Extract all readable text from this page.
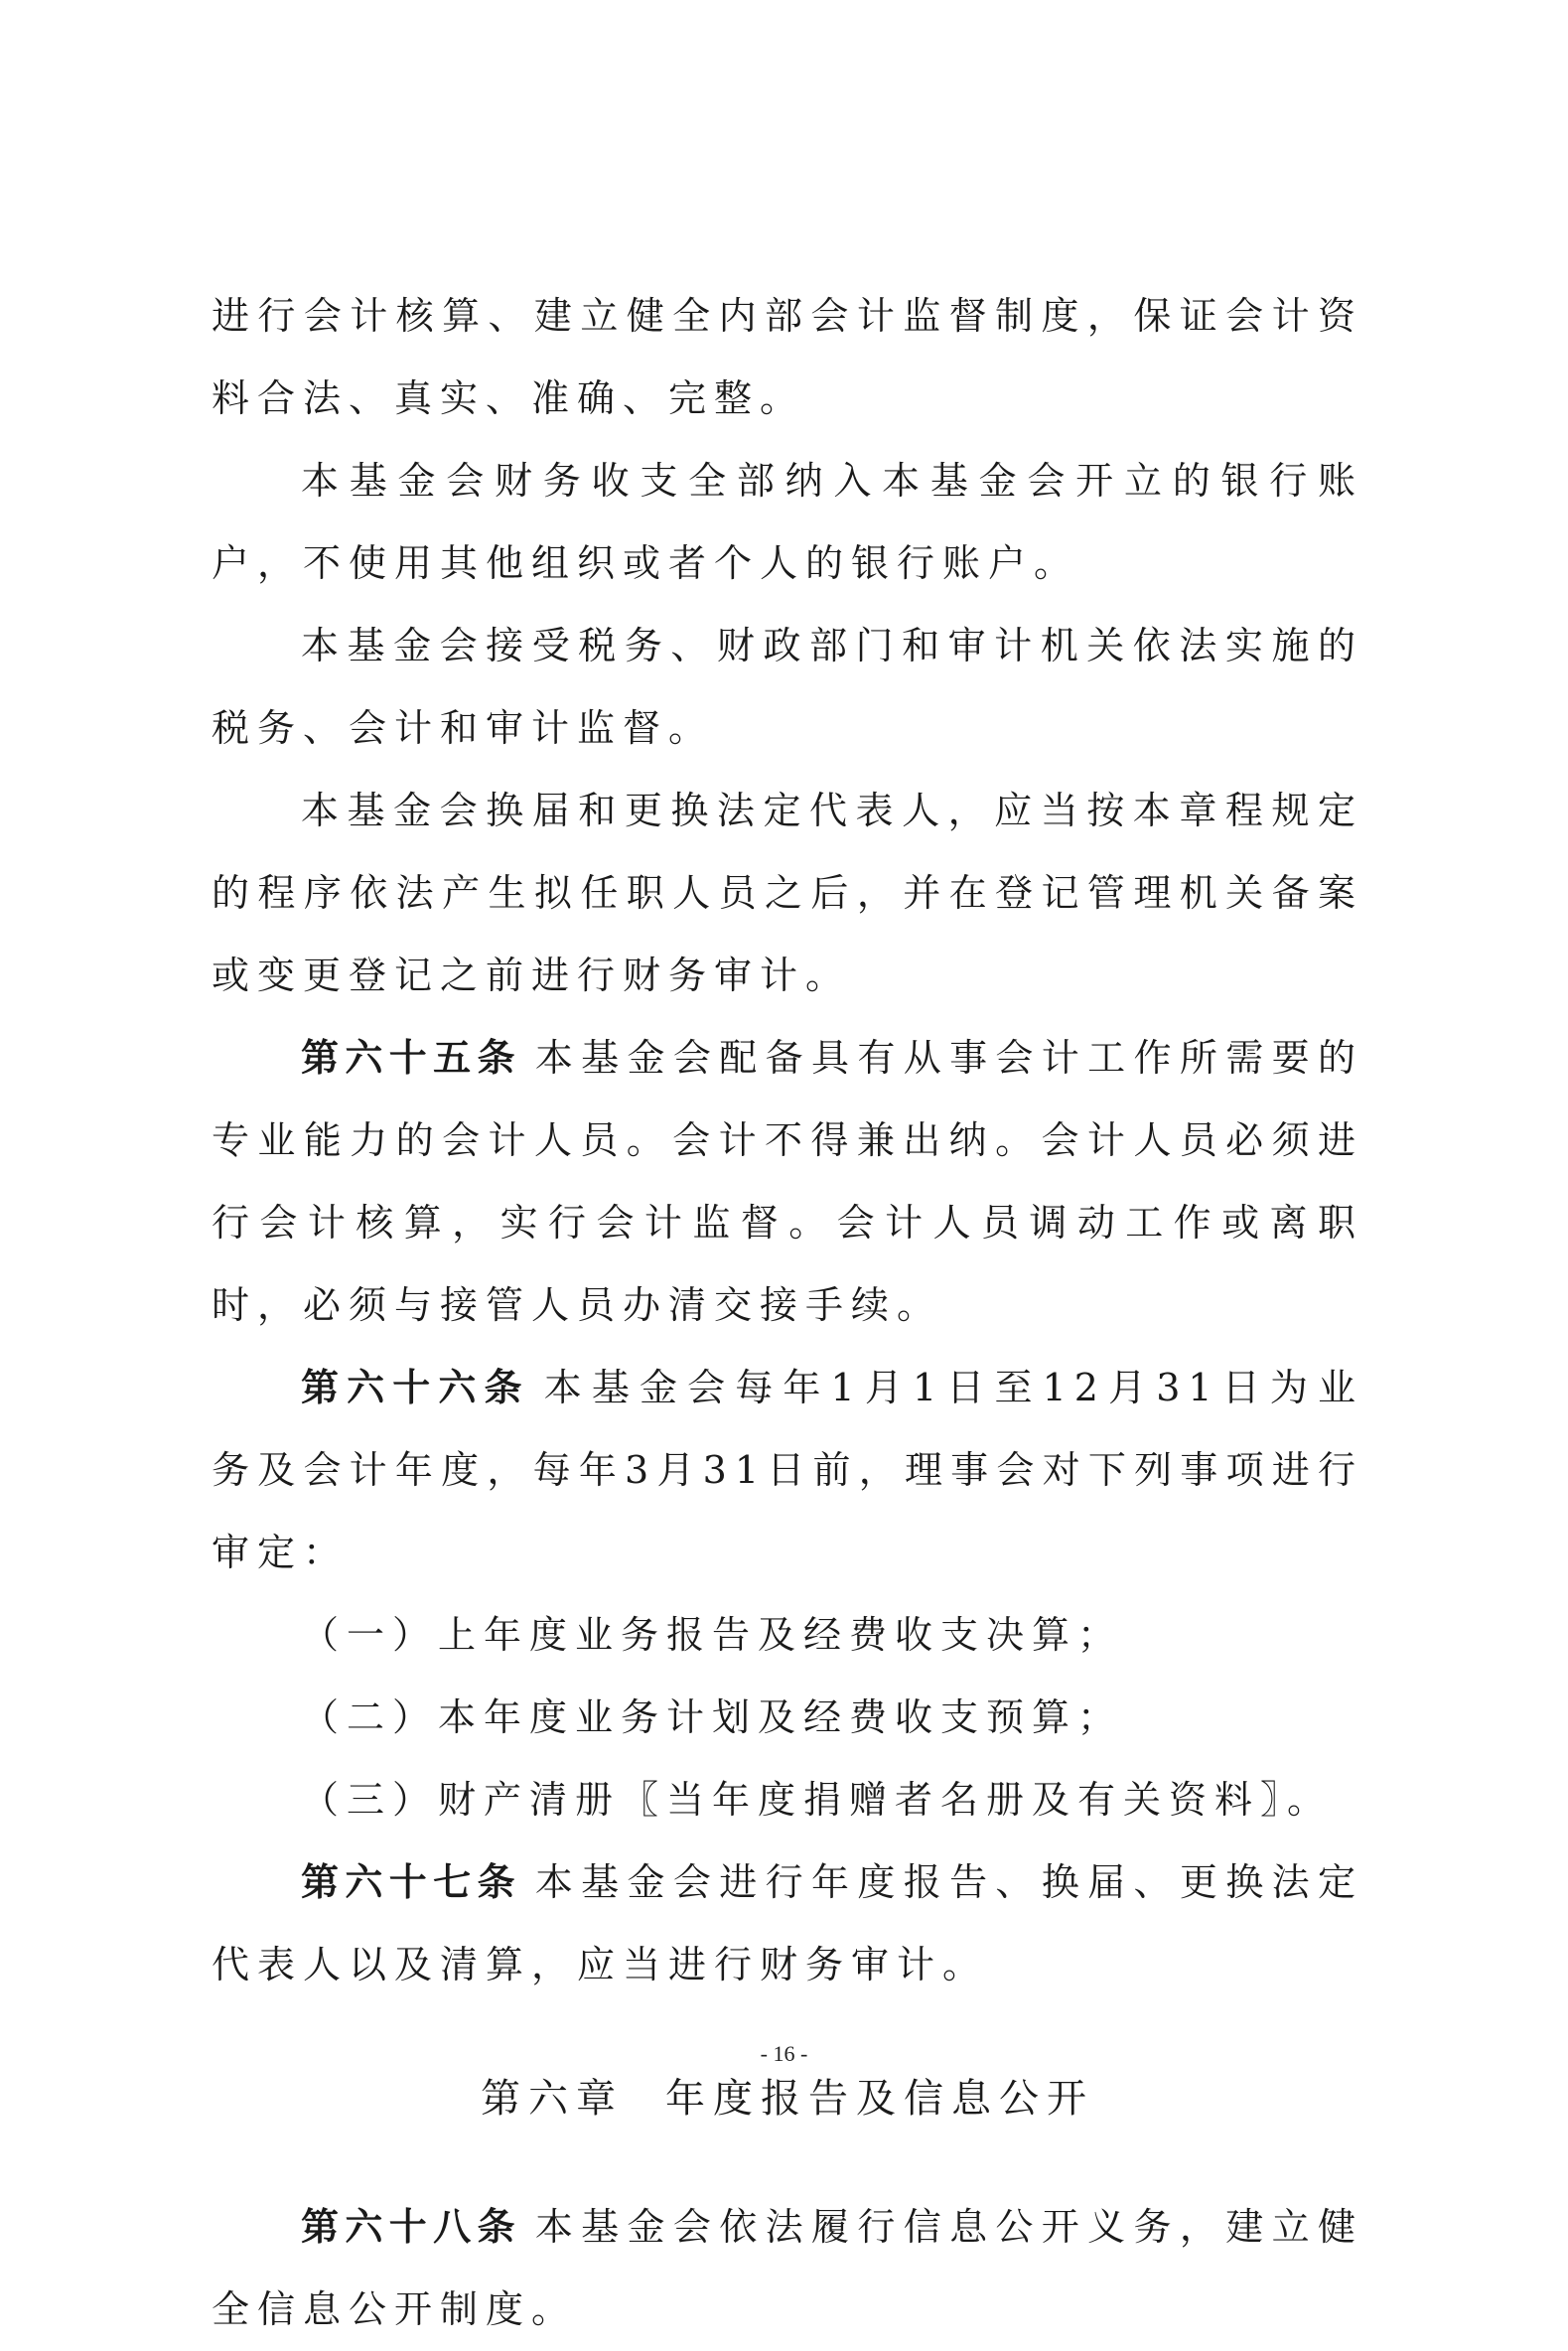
进行会计核算、建立健全内部会计监督制度，保证会计资料合法、真实、准确、完整。

本基金会财务收支全部纳入本基金会开立的银行账户，不使用其他组织或者个人的银行账户。

本基金会接受税务、财政部门和审计机关依法实施的税务、会计和审计监督。

本基金会换届和更换法定代表人，应当按本章程规定的程序依法产生拟任职人员之后，并在登记管理机关备案或变更登记之前进行财务审计。

第六十五条 本基金会配备具有从事会计工作所需要的专业能力的会计人员。会计不得兼出纳。会计人员必须进行会计核算，实行会计监督。会计人员调动工作或离职时，必须与接管人员办清交接手续。

第六十六条 本基金会每年1月1日至12月31日为业务及会计年度，每年3月31日前，理事会对下列事项进行审定：

（一）上年度业务报告及经费收支决算；

（二）本年度业务计划及经费收支预算；

（三）财产清册〖当年度捐赠者名册及有关资料〗。

第六十七条 本基金会进行年度报告、换届、更换法定代表人以及清算，应当进行财务审计。

第六章 年度报告及信息公开

第六十八条 本基金会依法履行信息公开义务，建立健全信息公开制度。

- 16 -
